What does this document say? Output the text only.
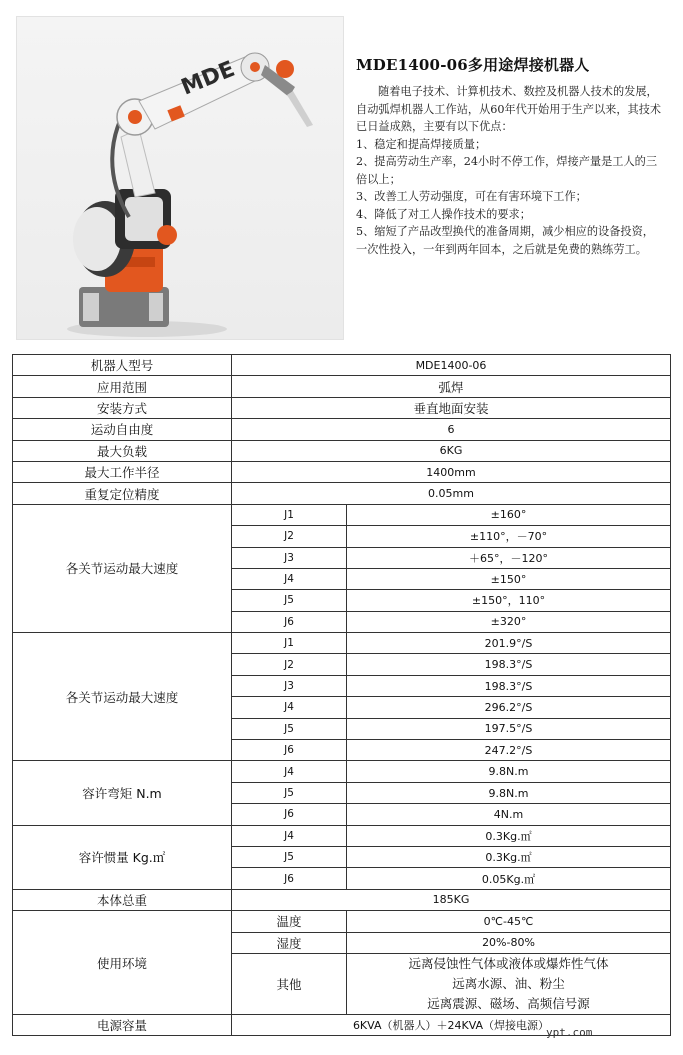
MDE	MDE1400-06多用途焊接机器人

随着电子技术、计算机技术、数控及机器人技术的发展，自动弧焊机器人工作站，从60年代开始用于生产以来，其技术已日益成熟，主要有以下优点：

1、稳定和提高焊接质量；

2、提高劳动生产率，24小时不停工作，焊接产量是工人的三倍以上；

3、改善工人劳动强度，可在有害环境下工作；

4、降低了对工人操作技术的要求；

5、缩短了产品改型换代的准备周期，减少相应的设备投资，一次性投入，一年到两年回本，之后就是免费的熟练劳工。

机器人型号	MDE1400-06	
应用范围	弧焊	
安装方式	垂直地面安装	
运动自由度	6	
最大负载	6KG	
最大工作半径	1400mm	
重复定位精度	0.05mm	
各关节运动最大速度	J1	±160°
	J2	±110°，－70°
	J3	＋65°，－120°
	J4	±150°
	J5	±150°，110°
	J6	±320°
各关节运动最大速度	J1	201.9°/S
	J2	198.3°/S
	J3	198.3°/S
	J4	296.2°/S
	J5	197.5°/S
	J6	247.2°/S
容许弯矩 N.m	J4	9.8N.m
	J5	9.8N.m
	J6	4N.m
容许惯量 Kg.㎡	J4	0.3Kg.㎡
	J5	0.3Kg.㎡
	J6	0.05Kg.㎡
本体总重	185KG	
使用环境	温度	0℃-45℃
	湿度	20%-80%
	其他	远离侵蚀性气体或液体或爆炸性气体
远离水源、油、粉尘
远离震源、磁场、高频信号源

电源容量	6KVA（机器人）＋24KVA（焊接电源）	
ypt.com
